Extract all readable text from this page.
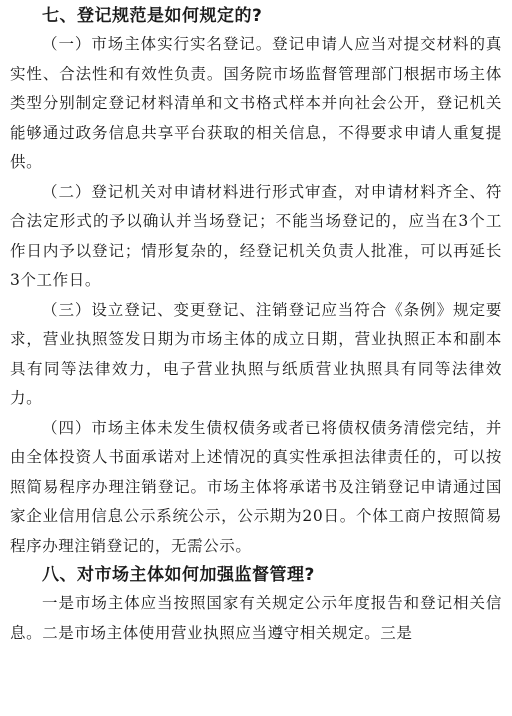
七、登记规范是如何规定的?

（一）市场主体实行实名登记。登记申请人应当对提交材料的真实性、合法性和有效性负责。国务院市场监督管理部门根据市场主体类型分别制定登记材料清单和文书格式样本并向社会公开，登记机关能够通过政务信息共享平台获取的相关信息，不得要求申请人重复提供。

（二）登记机关对申请材料进行形式审查，对申请材料齐全、符合法定形式的予以确认并当场登记；不能当场登记的，应当在3个工作日内予以登记；情形复杂的，经登记机关负责人批准，可以再延长3个工作日。

（三）设立登记、变更登记、注销登记应当符合《条例》规定要求，营业执照签发日期为市场主体的成立日期，营业执照正本和副本具有同等法律效力，电子营业执照与纸质营业执照具有同等法律效力。

（四）市场主体未发生债权债务或者已将债权债务清偿完结，并由全体投资人书面承诺对上述情况的真实性承担法律责任的，可以按照简易程序办理注销登记。市场主体将承诺书及注销登记申请通过国家企业信用信息公示系统公示，公示期为20日。个体工商户按照简易程序办理注销登记的，无需公示。

八、对市场主体如何加强监督管理?

一是市场主体应当按照国家有关规定公示年度报告和登记相关信息。二是市场主体使用营业执照应当遵守相关规定。三是
